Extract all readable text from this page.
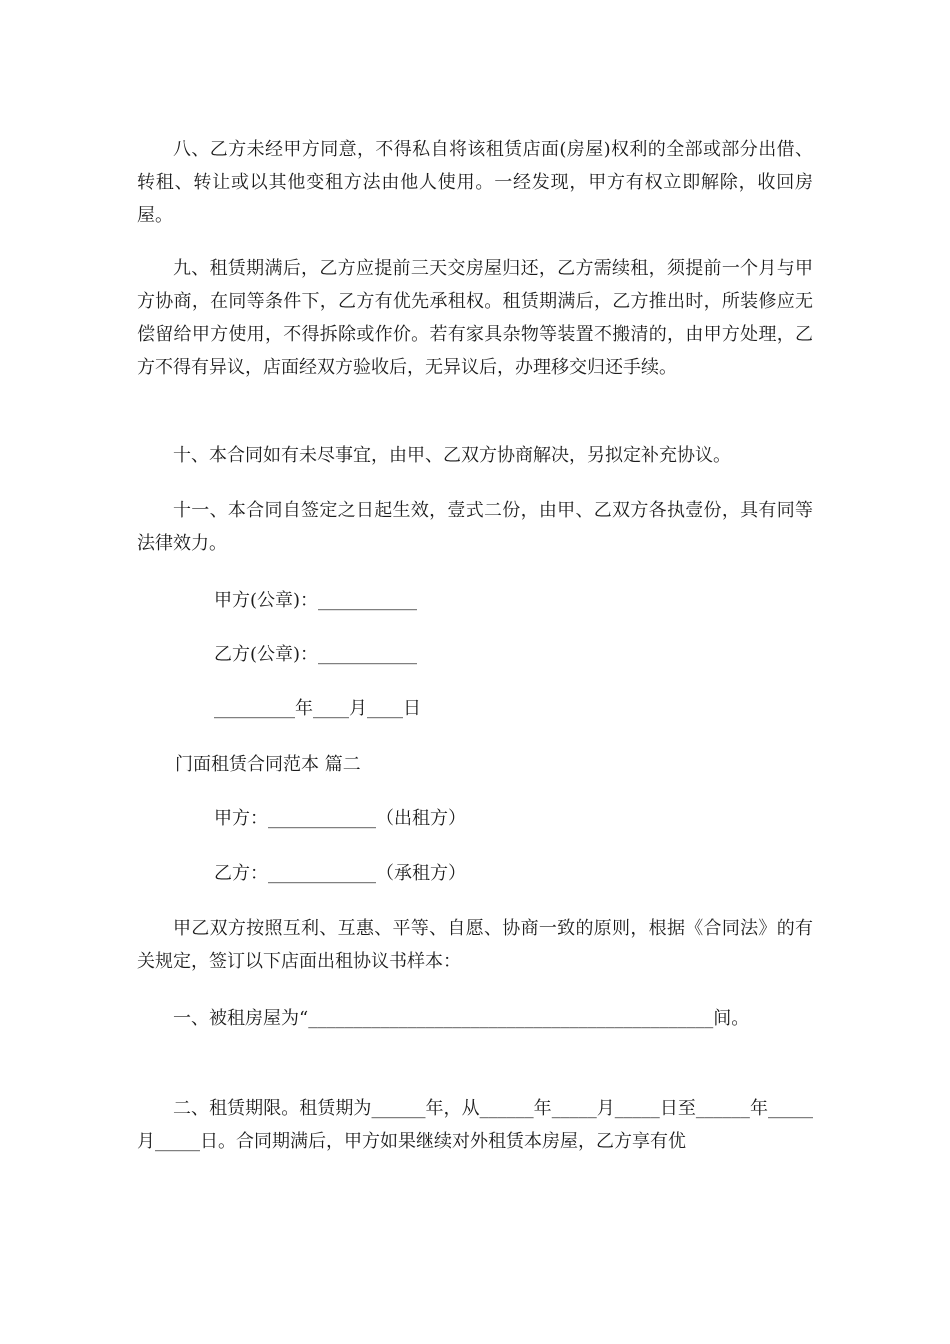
八、乙方未经甲方同意，不得私自将该租赁店面(房屋)权利的全部或部分出借、转租、转让或以其他变租方法由他人使用。一经发现，甲方有权立即解除，收回房屋。

九、租赁期满后，乙方应提前三天交房屋归还，乙方需续租，须提前一个月与甲方协商，在同等条件下，乙方有优先承租权。租赁期满后，乙方推出时，所装修应无偿留给甲方使用，不得拆除或作价。若有家具杂物等装置不搬清的，由甲方处理，乙方不得有异议，店面经双方验收后，无异议后，办理移交归还手续。

十、本合同如有未尽事宜，由甲、乙双方协商解决，另拟定补充协议。

十一、本合同自签定之日起生效，壹式二份，由甲、乙双方各执壹份，具有同等法律效力。

甲方(公章)：___________

乙方(公章)：___________

_________年____月____日

门面租赁合同范本 篇二

甲方：____________（出租方）

乙方：____________（承租方）

甲乙双方按照互利、互惠、平等、自愿、协商一致的原则，根据《合同法》的有关规定，签订以下店面出租协议书样本：

一、被租房屋为“_____________________________________________间。

二、租赁期限。租赁期为______年，从______年_____月_____日至______年_____月_____日。合同期满后，甲方如果继续对外租赁本房屋，乙方享有优
